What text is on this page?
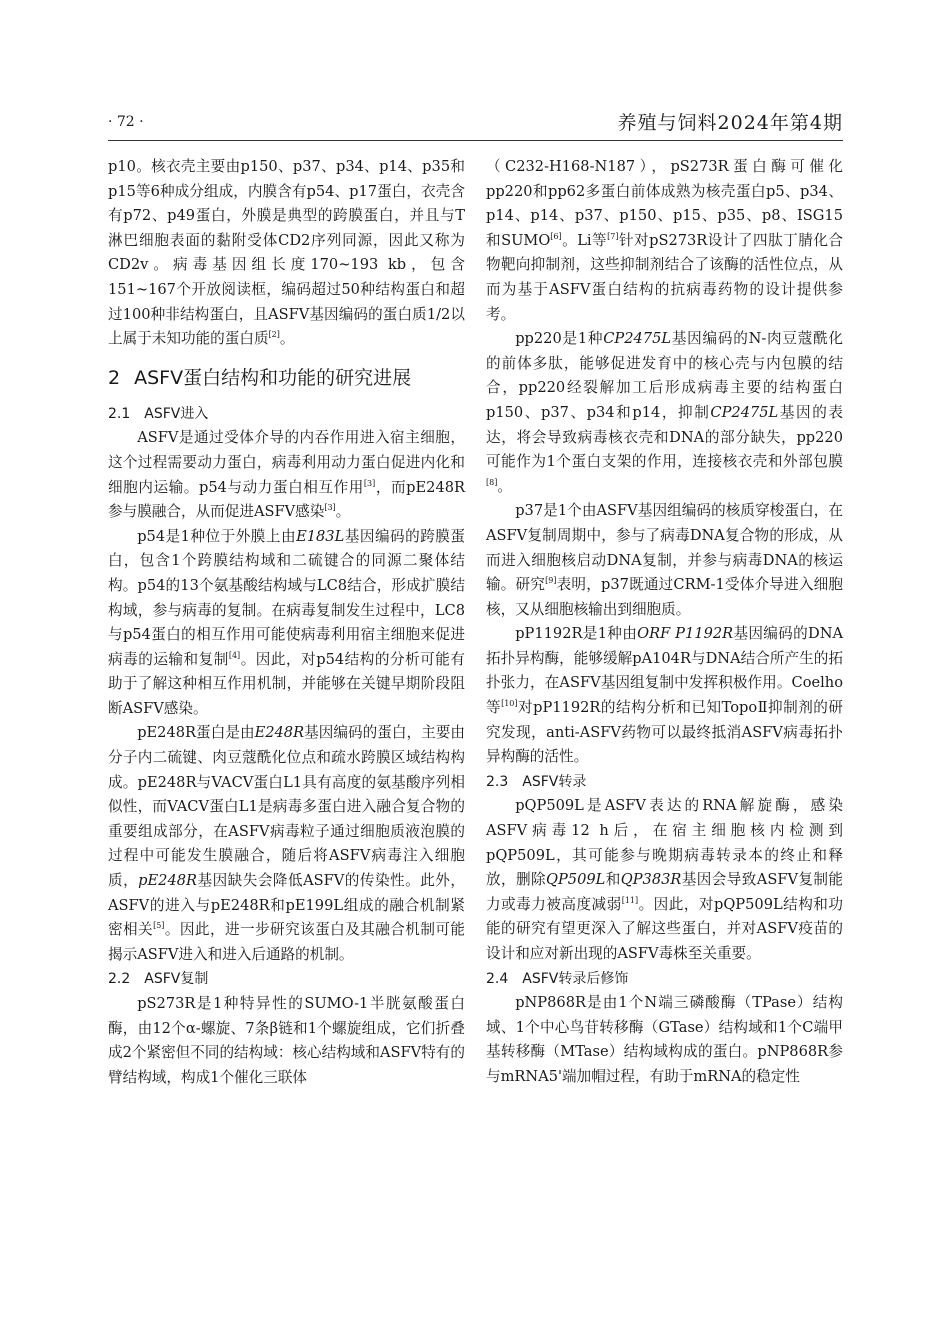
· 72 ·	养殖与饲料2024年第4期

p10。核衣壳主要由p150、p37、p34、p14、p35和p15等6种成分组成，内膜含有p54、p17蛋白，衣壳含有p72、p49蛋白，外膜是典型的跨膜蛋白，并且与T淋巴细胞表面的黏附受体CD2序列同源，因此又称为CD2v。病毒基因组长度170~193 kb，包含151~167个开放阅读框，编码超过50种结构蛋白和超过100种非结构蛋白，且ASFV基因编码的蛋白质1/2以上属于未知功能的蛋白质[2]。

2 ASFV蛋白结构和功能的研究进展
2.1 ASFV进入

ASFV是通过受体介导的内吞作用进入宿主细胞，这个过程需要动力蛋白，病毒利用动力蛋白促进内化和细胞内运输。p54与动力蛋白相互作用[3]，而pE248R参与膜融合，从而促进ASFV感染[3]。

p54是1种位于外膜上由E183L基因编码的跨膜蛋白，包含1个跨膜结构域和二硫键合的同源二聚体结构。p54的13个氨基酸结构域与LC8结合，形成扩膜结构域，参与病毒的复制。在病毒复制发生过程中，LC8与p54蛋白的相互作用可能使病毒利用宿主细胞来促进病毒的运输和复制[4]。因此，对p54结构的分析可能有助于了解这种相互作用机制，并能够在关键早期阶段阻断ASFV感染。

pE248R蛋白是由E248R基因编码的蛋白，主要由分子内二硫键、肉豆蔻酰化位点和疏水跨膜区域结构构成。pE248R与VACV蛋白L1具有高度的氨基酸序列相似性，而VACV蛋白L1是病毒多蛋白进入融合复合物的重要组成部分，在ASFV病毒粒子通过细胞质液泡膜的过程中可能发生膜融合，随后将ASFV病毒注入细胞质，pE248R基因缺失会降低ASFV的传染性。此外，ASFV的进入与pE248R和pE199L组成的融合机制紧密相关[5]。因此，进一步研究该蛋白及其融合机制可能揭示ASFV进入和进入后通路的机制。

2.2 ASFV复制

pS273R是1种特异性的SUMO-1半胱氨酸蛋白酶，由12个α-螺旋、7条β链和1个螺旋组成，它们折叠成2个紧密但不同的结构域：核心结构域和ASFV特有的臂结构域，构成1个催化三联体

（C232-H168-N187），pS273R蛋白酶可催化pp220和pp62多蛋白前体成熟为核壳蛋白p5、p34、p14、p14、p37、p150、p15、p35、p8、ISG15和SUMO[6]。Li等[7]针对pS273R设计了四肽丁腈化合物靶向抑制剂，这些抑制剂结合了该酶的活性位点，从而为基于ASFV蛋白结构的抗病毒药物的设计提供参考。

pp220是1种CP2475L基因编码的N-肉豆蔻酰化的前体多肽，能够促进发育中的核心壳与内包膜的结合，pp220经裂解加工后形成病毒主要的结构蛋白p150、p37、p34和p14，抑制CP2475L基因的表达，将会导致病毒核衣壳和DNA的部分缺失，pp220可能作为1个蛋白支架的作用，连接核衣壳和外部包膜[8]。

p37是1个由ASFV基因组编码的核质穿梭蛋白，在ASFV复制周期中，参与了病毒DNA复合物的形成，从而进入细胞核启动DNA复制，并参与病毒DNA的核运输。研究[9]表明，p37既通过CRM-1受体介导进入细胞核，又从细胞核输出到细胞质。

pP1192R是1种由ORF P1192R基因编码的DNA拓扑异构酶，能够缓解pA104R与DNA结合所产生的拓扑张力，在ASFV基因组复制中发挥积极作用。Coelho等[10]对pP1192R的结构分析和已知TopoⅡ抑制剂的研究发现，anti-ASFV药物可以最终抵消ASFV病毒拓扑异构酶的活性。

2.3 ASFV转录

pQP509L是ASFV表达的RNA解旋酶，感染ASFV病毒12 h后，在宿主细胞核内检测到pQP509L，其可能参与晚期病毒转录本的终止和释放，删除QP509L和QP383R基因会导致ASFV复制能力或毒力被高度减弱[11]。因此，对pQP509L结构和功能的研究有望更深入了解这些蛋白，并对ASFV疫苗的设计和应对新出现的ASFV毒株至关重要。

2.4 ASFV转录后修饰

pNP868R是由1个N端三磷酸酶（TPase）结构域、1个中心鸟苷转移酶（GTase）结构域和1个C端甲基转移酶（MTase）结构域构成的蛋白。pNP868R参与mRNA5'端加帽过程，有助于mRNA的稳定性
